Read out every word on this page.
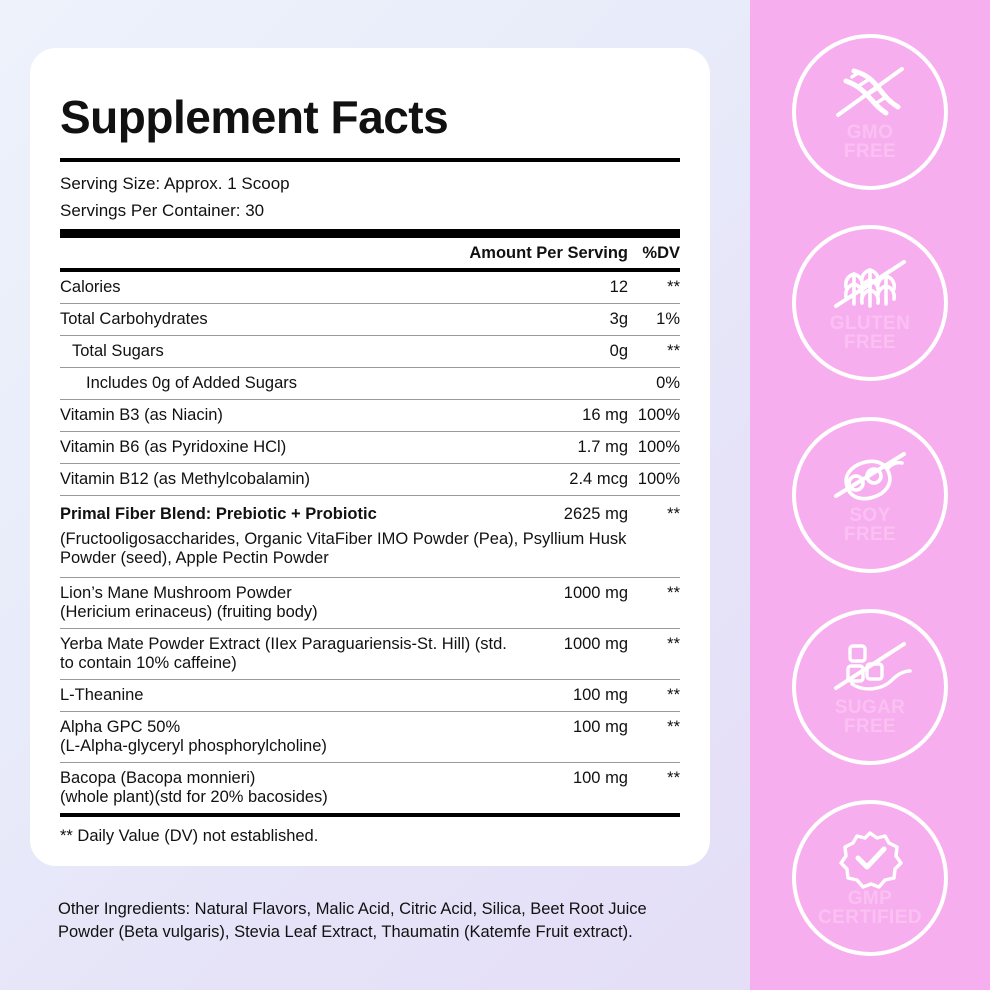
Supplement Facts
Serving Size: Approx. 1 Scoop
Servings Per Container: 30
	Amount Per Serving	%DV
Calories	12	**
Total Carbohydrates	3g	1%
Total Sugars	0g	**
Includes 0g of Added Sugars		0%
Vitamin B3 (as Niacin)	16 mg	100%
Vitamin B6 (as Pyridoxine HCl)	1.7 mg	100%
Vitamin B12 (as Methylcobalamin)	2.4 mcg	100%
Primal Fiber Blend: Prebiotic + Probiotic	2625 mg	**
(Fructooligosaccharides, Organic VitaFiber IMO Powder (Pea), Psyllium Husk Powder (seed), Apple Pectin Powder		
Lion’s Mane Mushroom Powder
(Hericium erinaceus) (fruiting body)	1000 mg	**
Yerba Mate Powder Extract (IIex Paraguariensis-St. Hill) (std. to contain 10% caffeine)	1000 mg	**
L-Theanine	100 mg	**
Alpha GPC 50%
(L-Alpha-glyceryl phosphorylcholine)	100 mg	**
Bacopa (Bacopa monnieri)
(whole plant)(std for 20% bacosides)	100 mg	**
** Daily Value (DV) not established.
Other Ingredients: Natural Flavors, Malic Acid, Citric Acid, Silica, Beet Root Juice Powder (Beta vulgaris), Stevia Leaf Extract, Thaumatin (Katemfe Fruit extract).
GMO
FREE
GLUTEN
FREE
SOY
FREE
SUGAR
FREE
GMP
CERTIFIED
